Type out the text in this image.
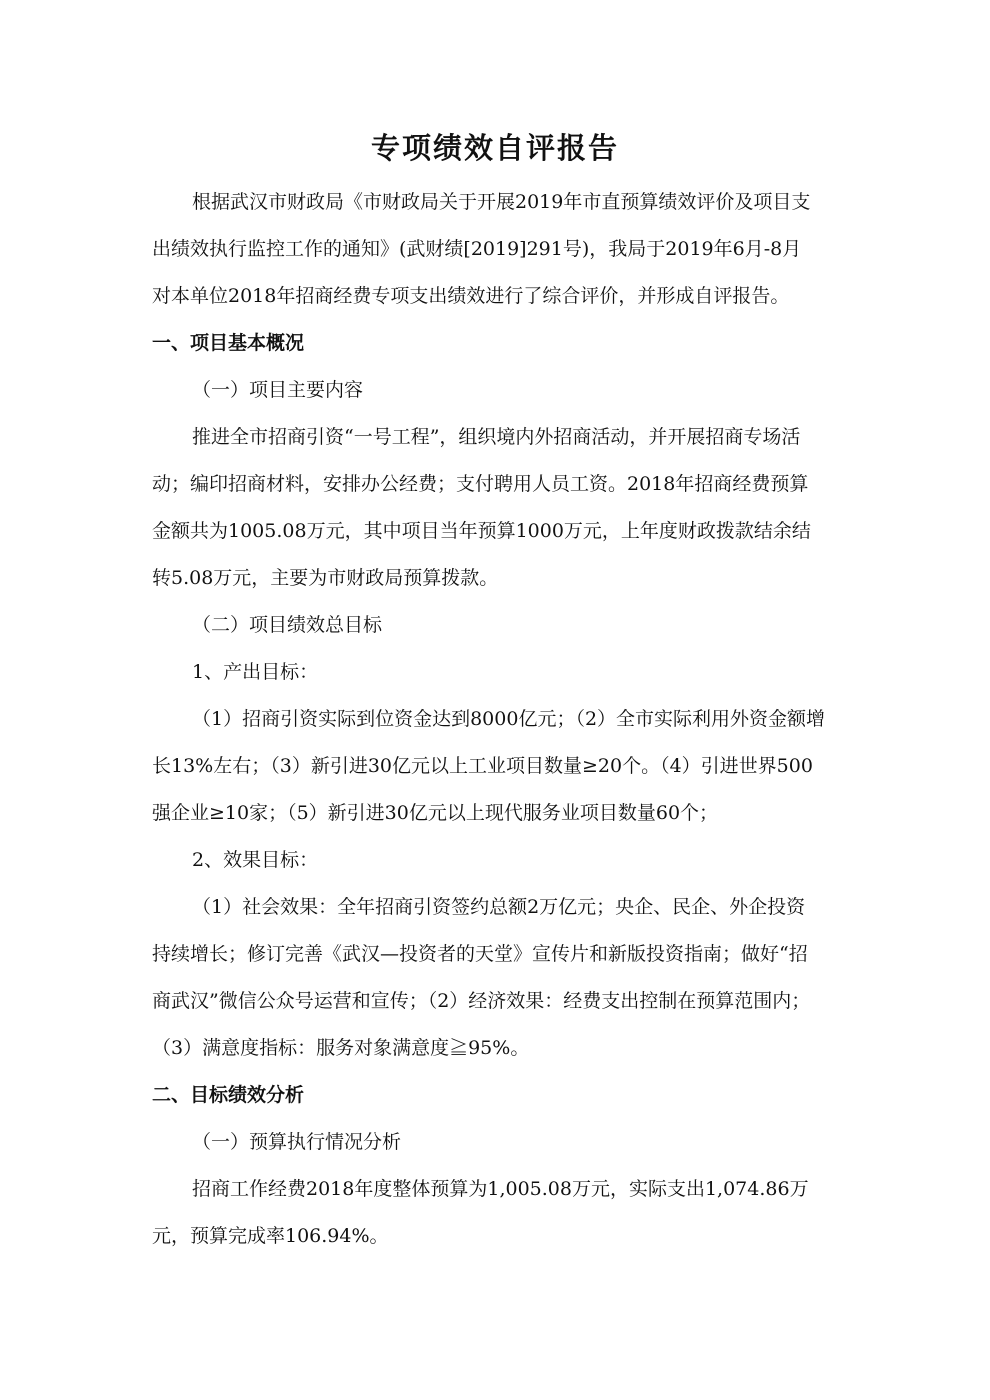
专项绩效自评报告
根据武汉市财政局《市财政局关于开展2019年市直预算绩效评价及项目支
出绩效执行监控工作的通知》(武财绩[2019]291号)，我局于2019年6月-8月
对本单位2018年招商经费专项支出绩效进行了综合评价，并形成自评报告。
一、项目基本概况
（一）项目主要内容
推进全市招商引资“一号工程”，组织境内外招商活动，并开展招商专场活
动；编印招商材料，安排办公经费；支付聘用人员工资。2018年招商经费预算
金额共为1005.08万元，其中项目当年预算1000万元，上年度财政拨款结余结
转5.08万元，主要为市财政局预算拨款。
（二）项目绩效总目标
1、产出目标：
（1）招商引资实际到位资金达到8000亿元；（2）全市实际利用外资金额增
长13%左右；（3）新引进30亿元以上工业项目数量≥20个。（4）引进世界500
强企业≥10家；（5）新引进30亿元以上现代服务业项目数量60个；
2、效果目标：
（1）社会效果：全年招商引资签约总额2万亿元；央企、民企、外企投资
持续增长；修订完善《武汉—投资者的天堂》宣传片和新版投资指南；做好“招
商武汉”微信公众号运营和宣传；（2）经济效果：经费支出控制在预算范围内；
（3）满意度指标：服务对象满意度≧95%。
二、目标绩效分析
（一）预算执行情况分析
招商工作经费2018年度整体预算为1,005.08万元，实际支出1,074.86万
元，预算完成率106.94%。
